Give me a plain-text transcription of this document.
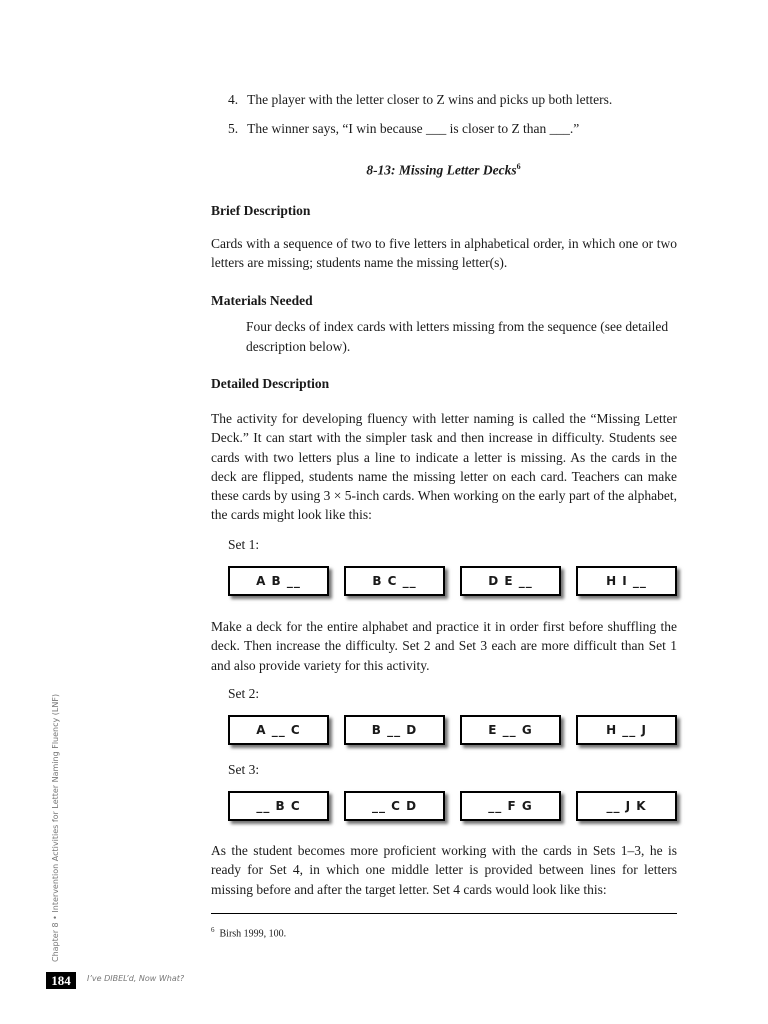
4. The player with the letter closer to Z wins and picks up both letters.
5. The winner says, “I win because ___ is closer to Z than ___.”
8-13: Missing Letter Decks$^6$
Brief Description

Cards with a sequence of two to five letters in alphabetical order, in which one or two letters are missing; students name the missing letter(s).

Materials Needed

Four decks of index cards with letters missing from the sequence (see detailed description below).

Detailed Description

The activity for developing fluency with letter naming is called the “Missing Letter Deck.” It can start with the simpler task and then increase in difficulty. Students see cards with two letters plus a line to indicate a letter is missing. As the cards in the deck are flipped, students name the missing letter on each card. Teachers can make these cards by using 3 × 5-inch cards. When working on the early part of the alphabet, the cards might look like this:

Set 1:
A B __	B C __	D E __	H I __

Make a deck for the entire alphabet and practice it in order first before shuffling the deck. Then increase the difficulty. Set 2 and Set 3 each are more difficult than Set 1 and also provide variety for this activity.

Set 2:
A __ C	B __ D	E __ G	H __ J
Set 3:
__ B C	__ C D	__ F G	__ J K

As the student becomes more proficient working with the cards in Sets 1–3, he is ready for Set 4, in which one middle letter is provided between lines for letters missing before and after the target letter. Set 4 cards would look like this:

$^6$ Birsh 1999, 100.
Chapter 8 • Intervention Activities for Letter Naming Fluency (LNF)
184	I’ve DIBEL’d, Now What?
